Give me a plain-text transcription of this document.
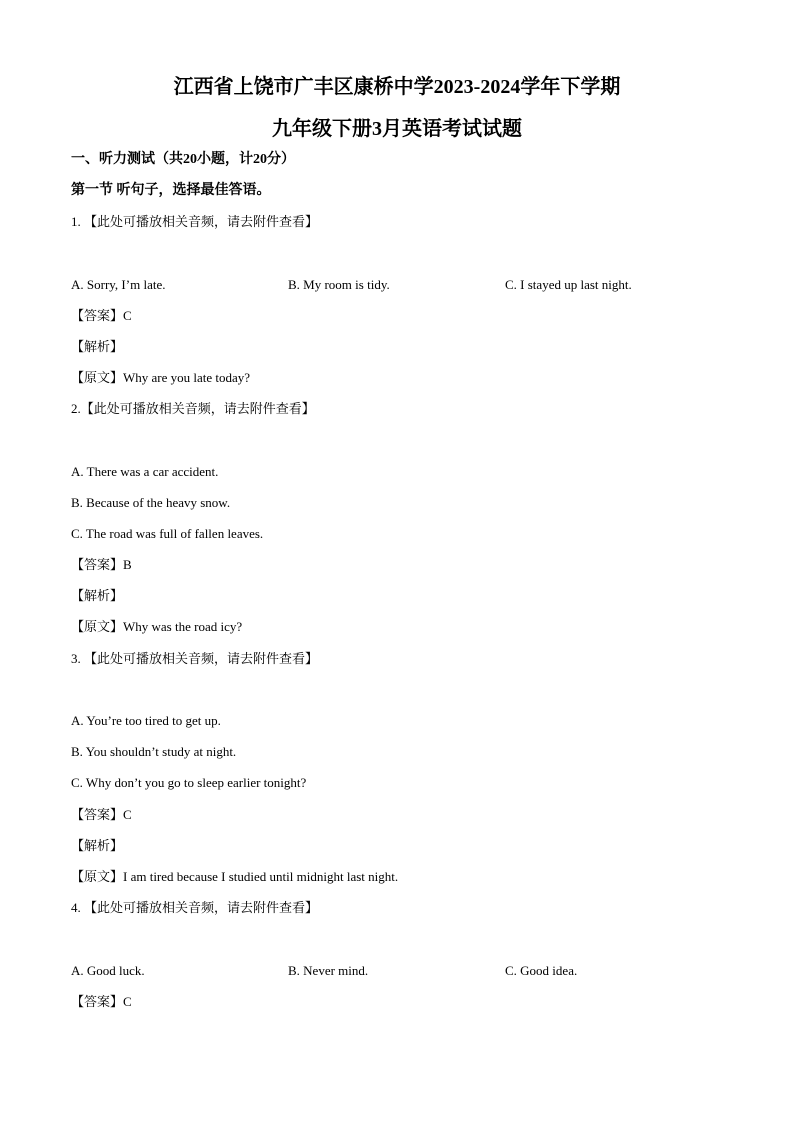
江西省上饶市广丰区康桥中学2023-2024学年下学期
九年级下册3月英语考试试题
一、听力测试（共20小题，计20分）
第一节 听句子，选择最佳答语。
1. 【此处可播放相关音频，请去附件查看】
A. Sorry, I’m late.	B. My room is tidy.	C. I stayed up last night.
【答案】C
【解析】
【原文】Why are you late today?
2.【此处可播放相关音频，请去附件查看】
A. There was a car accident.
B. Because of the heavy snow.
C. The road was full of fallen leaves.
【答案】B
【解析】
【原文】Why was the road icy?
3. 【此处可播放相关音频，请去附件查看】
A. You’re too tired to get up.
B. You shouldn’t study at night.
C. Why don’t you go to sleep earlier tonight?
【答案】C
【解析】
【原文】I am tired because I studied until midnight last night.
4. 【此处可播放相关音频，请去附件查看】
A. Good luck.	B. Never mind.	C. Good idea.
【答案】C
